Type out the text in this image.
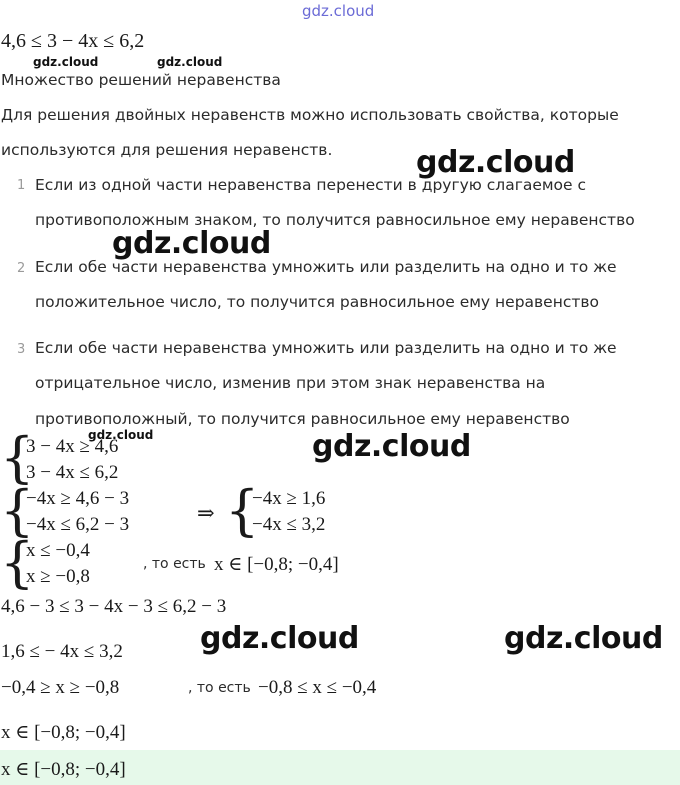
gdz.cloud
4,6 ≤ 3 − 4x ≤ 6,2
gdz.cloud	gdz.cloud
Множество решений неравенства
Для решения двойных неравенств можно использовать свойства, которые
используются для решения неравенств.
1 Если из одной части неравенства перенести в другую слагаемое с
противоположным знаком, то получится равносильное ему неравенство
2 Если обе части неравенства умножить или разделить на одно и то же
положительное число, то получится равносильное ему неравенство
3 Если обе части неравенства умножить или разделить на одно и то же
отрицательное число, изменив при этом знак неравенства на
противоположный, то получится равносильное ему неравенство
gdz.cloud
gdz.cloud
gdz.cloud
gdz.cloud	gdz.cloud
gdz.cloud
{
3 − 4x ≥ 4,6
3 − 4x ≤ 6,2
{
−4x ≥ 4,6 − 3
−4x ≤ 6,2 − 3	⇒ {
−4x ≥ 1,6
−4x ≤ 3,2
{
x ≤ −0,4
x ≥ −0,8
, то есть x ∈ [−0,8; −0,4]
4,6 − 3 ≤ 3 − 4x − 3 ≤ 6,2 − 3
1,6 ≤ − 4x ≤ 3,2
−0,4 ≥ x ≥ −0,8	, то есть −0,8 ≤ x ≤ −0,4
x ∈ [−0,8; −0,4]
x ∈ [−0,8; −0,4]
